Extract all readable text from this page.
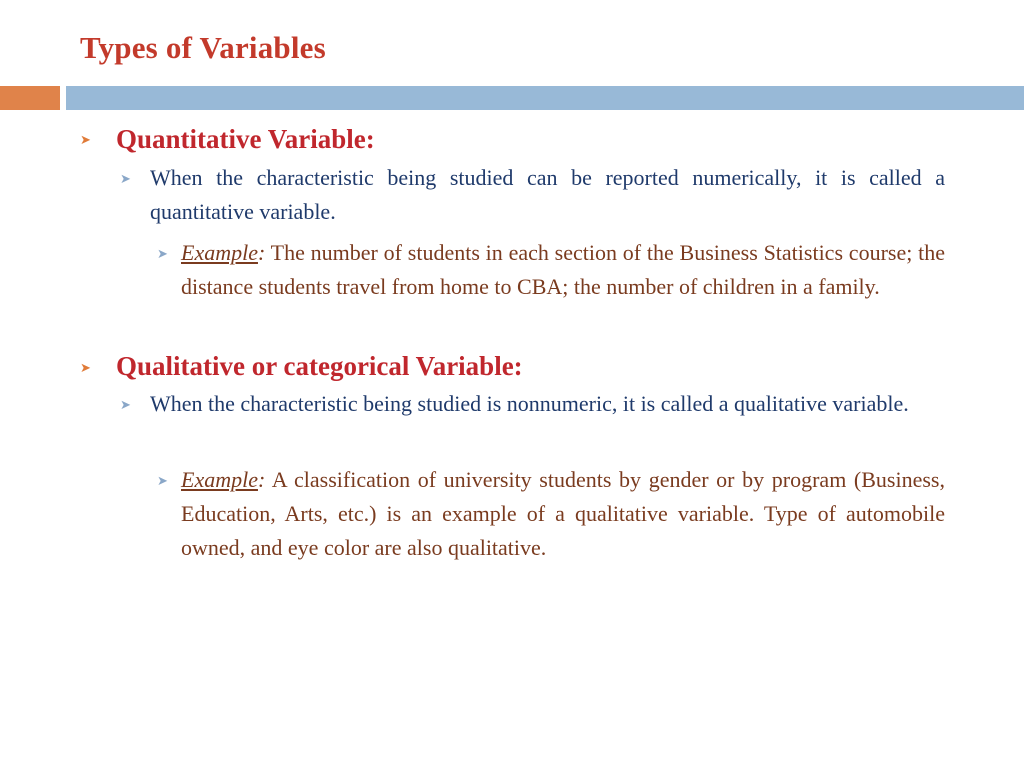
Types of Variables
➤ Quantitative Variable:
➤ When the characteristic being studied can be reported numerically, it is called a quantitative variable.

➤ Example: The number of students in each section of the Business Statistics course; the distance students travel from home to CBA; the number of children in a family.

➤ Qualitative or categorical Variable:
➤ When the characteristic being studied is nonnumeric, it is called a qualitative variable.

➤ Example: A classification of university students by gender or by program (Business, Education, Arts, etc.) is an example of a qualitative variable. Type of automobile owned, and eye color are also qualitative.
